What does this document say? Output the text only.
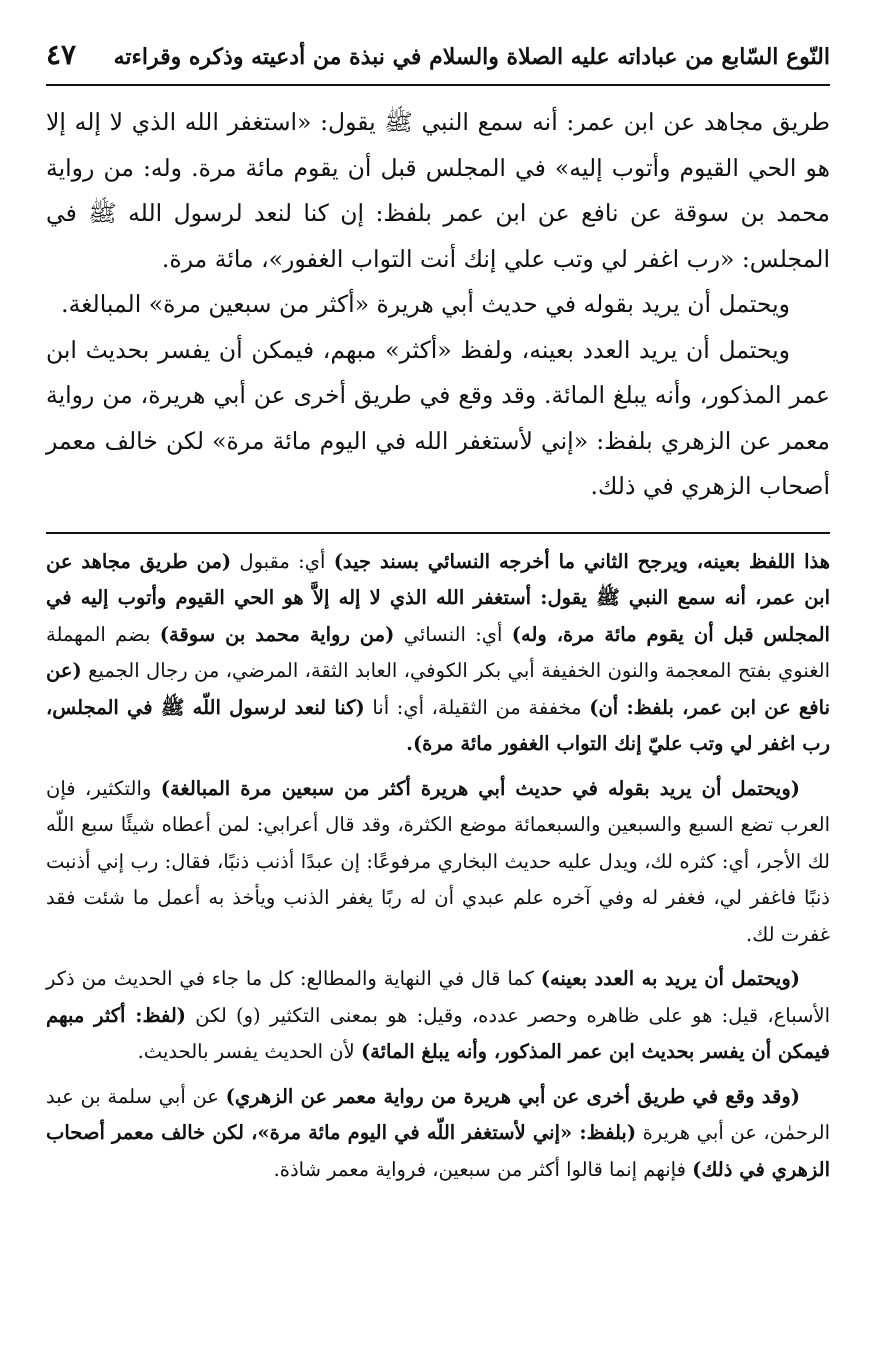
النّوع السّابع من عباداته عليه الصلاة والسلام في نبذة من أدعيته وذكره وقراءته
٤٧

طريق مجاهد عن ابن عمر: أنه سمع النبي ﷺ يقول: «استغفر الله الذي لا إله إلا هو الحي القيوم وأتوب إليه» في المجلس قبل أن يقوم مائة مرة. وله: من رواية محمد بن سوقة عن نافع عن ابن عمر بلفظ: إن كنا لنعد لرسول الله ﷺ في المجلس: «رب اغفر لي وتب علي إنك أنت التواب الغفور»، مائة مرة.

ويحتمل أن يريد بقوله في حديث أبي هريرة «أكثر من سبعين مرة» المبالغة.

ويحتمل أن يريد العدد بعينه، ولفظ «أكثر» مبهم، فيمكن أن يفسر بحديث ابن عمر المذكور، وأنه يبلغ المائة. وقد وقع في طريق أخرى عن أبي هريرة، من رواية معمر عن الزهري بلفظ: «إني لأستغفر الله في اليوم مائة مرة» لكن خالف معمر أصحاب الزهري في ذلك.

هذا اللفظ بعينه، ويرجح الثاني ما أخرجه النسائي بسند جيد) أي: مقبول (من طريق مجاهد عن ابن عمر، أنه سمع النبي ﷺ يقول: أستغفر الله الذي لا إله إلاَّ هو الحي القيوم وأتوب إليه في المجلس قبل أن يقوم مائة مرة، وله) أي: النسائي (من رواية محمد بن سوقة) بضم المهملة الغنوي بفتح المعجمة والنون الخفيفة أبي بكر الكوفي، العابد الثقة، المرضي، من رجال الجميع (عن نافع عن ابن عمر، بلفظ: أن) مخففة من الثقيلة، أي: أنا (كنا لنعد لرسول اللّه ﷺ في المجلس، رب اغفر لي وتب عليّ إنك التواب الغفور مائة مرة).

(ويحتمل أن يريد بقوله في حديث أبي هريرة أكثر من سبعين مرة المبالغة) والتكثير، فإن العرب تضع السبع والسبعين والسبعمائة موضع الكثرة، وقد قال أعرابي: لمن أعطاه شيئًا سبع اللّه لك الأجر، أي: كثره لك، ويدل عليه حديث البخاري مرفوعًا: إن عبدًا أذنب ذنبًا، فقال: رب إني أذنبت ذنبًا فاغفر لي، فغفر له وفي آخره علم عبدي أن له ربًا يغفر الذنب ويأخذ به أعمل ما شئت فقد غفرت لك.

(ويحتمل أن يريد به العدد بعينه) كما قال في النهاية والمطالع: كل ما جاء في الحديث من ذكر الأسباع، قيل: هو على ظاهره وحصر عدده، وقيل: هو بمعنى التكثير (و) لكن (لفظ: أكثر مبهم فيمكن أن يفسر بحديث ابن عمر المذكور، وأنه يبلغ المائة) لأن الحديث يفسر بالحديث.

(وقد وقع في طريق أخرى عن أبي هريرة من رواية معمر عن الزهري) عن أبي سلمة بن عبد الرحمٰن، عن أبي هريرة (بلفظ: «إني لأستغفر اللّه في اليوم مائة مرة»، لكن خالف معمر أصحاب الزهري في ذلك) فإنهم إنما قالوا أكثر من سبعين، فرواية معمر شاذة.
